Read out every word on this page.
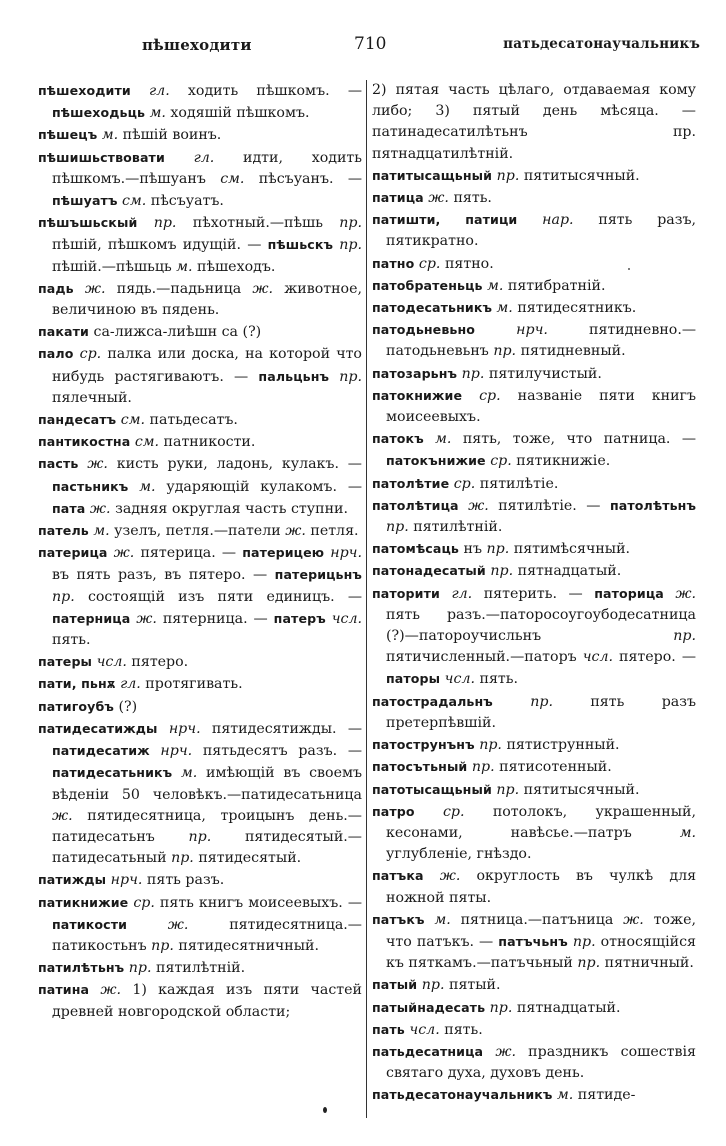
пѣшеходити	710	патьдесатонаучальникъ

пѣшеходити гл. ходить пѣшкомъ. — пѣшеходьць м. ходяшій пѣшкомъ.

пѣшецъ м. пѣшій воинъ.

пѣшишьствовати гл. идти, ходить пѣшкомъ.—пѣшуанъ см. пѣсъуанъ. —пѣшуатъ см. пѣсъуатъ.

пѣшъшьскый пр. пѣхотный.—пѣшь пр. пѣшій, пѣшкомъ идущій. — пѣшьскъ пр. пѣшій.—пѣшьць м. пѣшеходъ.

падь ж. пядь.—падьница ж. животное, величиною въ пядень.

пакати са-лижса-лиѣшн са (?)

пало ср. палка или доска, на которой что нибудь растягиваютъ. — пальцьнъ пр. пялечный.

пандесатъ см. патьдесатъ.

пантикостна см. патникости.

пасть ж. кисть руки, ладонь, кулакъ. —пастьникъ м. ударяющій кулакомъ. — пата ж. задняя округлая часть ступни.

патель м. узелъ, петля.—патели ж. петля.

патерица ж. пятерица. — патерицею нрч. въ пять разъ, въ пятеро. — патерицьнъ пр. состоящій изъ пяти единицъ. — патерница ж. пятерница. — патеръ чсл. пять.

патеры чсл. пятеро.

пати, пьнѫ гл. протягивать.

патигоубъ (?)

патидесатижды нрч. пятидесятижды. — патидесатиж нрч. пятьдесятъ разъ. — патидесатьникъ м. имѣющій въ своемъ вѣденіи 50 человѣкъ.—патидесатьница ж. пятидесятница, троицынъ день.—патидесатьнъ пр. пятидесятый.—патидесатьный пр. пятидесятый.

патижды нрч. пять разъ.

патикнижие ср. пять книгъ моисеевыхъ. — патикости	ж.	пятидесятница.—патикостьнъ пр. пятидесятничный.

патилѣтьнъ пр. пятилѣтній.

патина ж. 1) каждая изъ пяти частей древней новгородской области;

2) пятая часть цѣлаго, отдаваемая кому либо; 3) пятый день мѣсяца. —патинадесатилѣтьнъ пр. пятнадцатилѣтній.

патитысащьный пр. пятитысячный.

патица ж. пять.

патишти, патици нар. пять разъ, пятикратно.

патно ср. пятно.

патобратеньць м. пятибратній.

патодесатьникъ м. пятидесятникъ.

патодьневьно	нрч.	пятидневно.—патодьневьнъ пр. пятидневный.

патозарьнъ пр. пятилучистый.

патокнижие ср. названіе пяти книгъ моисеевыхъ.

патокъ м. пять, тоже, что патница. —патокънижие ср. пятикнижіе.

патолѣтие ср. пятилѣтіе.

патолѣтица ж. пятилѣтіе. — патолѣтьнъ пр. пятилѣтній.

патомѣсаць нъ пр. пятимѣсячный.

патонадесатый пр. пятнадцатый.

паторити гл. пятерить. — паторица ж. пять разъ.—паторосоугоубодесатница (?)—патороучисльнъ	пр. пятичисленный.—паторъ чсл. пятеро. —паторы чсл. пять.

патострадальнъ	пр.	пять	разъ претерпѣвшій.

патострунънъ пр. пятиструнный.

патосътьный пр. пятисотенный.

патотысащьный пр. пятитысячный.

патро ср. потолокъ, украшенный, кесонами,	навѣсье.—патръ	м. углубленіе, гнѣздо.

патъка ж. округлость въ чулкѣ для ножной пяты.

патъкъ м. пятница.—патъница ж. тоже, что патъкъ. — патъчьнъ пр. относящійся къ пяткамъ.—патъчьный пр. пятничный.

патый пр. пятый.

патыйнадесать пр. пятнадцатый.

пать чсл. пять.

патьдесатница ж. праздникъ сошествія святаго духа, духовъ день.

патьдесатонаучальникъ м. пятиде-
